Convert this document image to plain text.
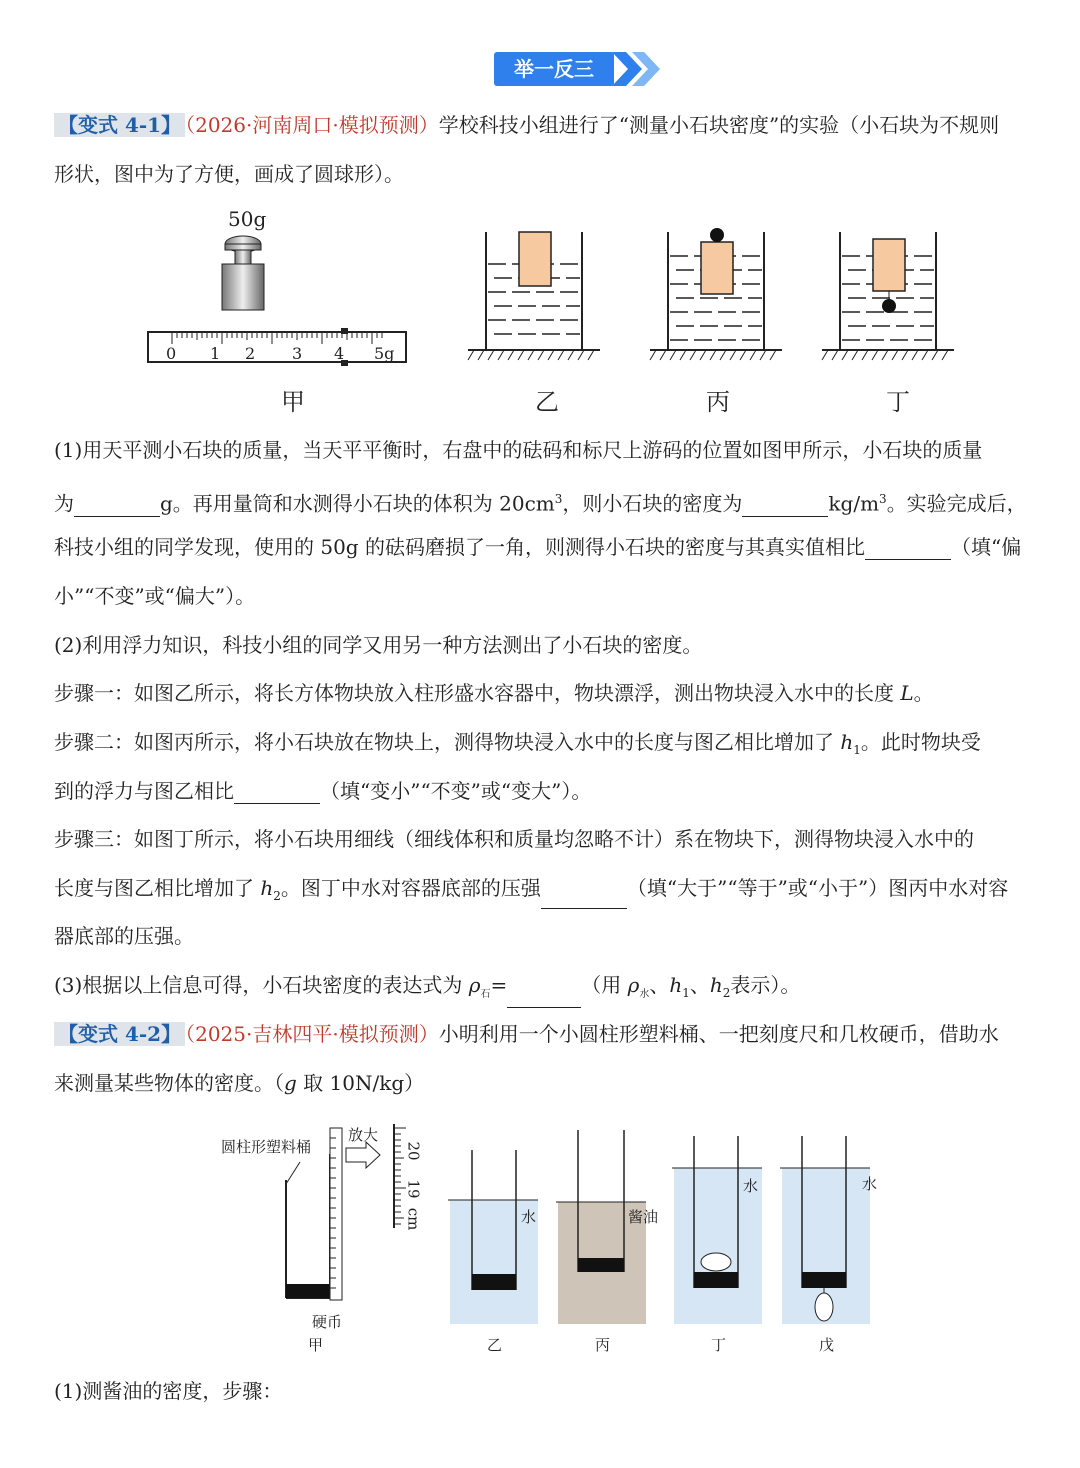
举一反三
【变式 4-1】 （2026·河南周口·模拟预测）学校科技小组进行了“测量小石块密度”的实验（小石块为不规则
形状，图中为了方便，画成了圆球形）。
50g
0 1 2 3 4 5g
甲	乙	丙	丁
(1)用天平测小石块的质量，当天平平衡时，右盘中的砝码和标尺上游码的位置如图甲所示，小石块的质量
为	g。再用量筒和水测得小石块的体积为 $20cm^3$，则小石块的密度为	$kg/m^3$。实验完成后，
科技小组的同学发现，使用的 50g 的砝码磨损了一角，则测得小石块的密度与其真实值相比	（填“偏
小”“不变”或“偏大”）。
(2)利用浮力知识，科技小组的同学又用另一种方法测出了小石块的密度。
步骤一：如图乙所示，将长方体物块放入柱形盛水容器中，物块漂浮，测出物块浸入水中的长度 L。
步骤二：如图丙所示，将小石块放在物块上，测得物块浸入水中的长度与图乙相比增加了 $h_1$。此时物块受
到的浮力与图乙相比	（填“变小”“不变”或“变大”）。
步骤三：如图丁所示，将小石块用细线（细线体积和质量均忽略不计）系在物块下，测得物块浸入水中的
长度与图乙相比增加了 $h_2$。图丁中水对容器底部的压强	（填“大于”“等于”或“小于”）图丙中水对容
器底部的压强。
(3)根据以上信息可得，小石块密度的表达式为 $\rho_石=$	（用 $\rho_水$、$h_1$、$h_2$表示）。
【变式 4-2】 （2025·吉林四平·模拟预测）小明利用一个小圆柱形塑料桶、一把刻度尺和几枚硬币，借助水
来测量某些物体的密度。（g 取 10N/kg）
圆柱形塑料桶
放大
20
19
cm
硬币
水	酱油
水	水
甲	乙	丙	丁	戊
(1)测酱油的密度，步骤：
